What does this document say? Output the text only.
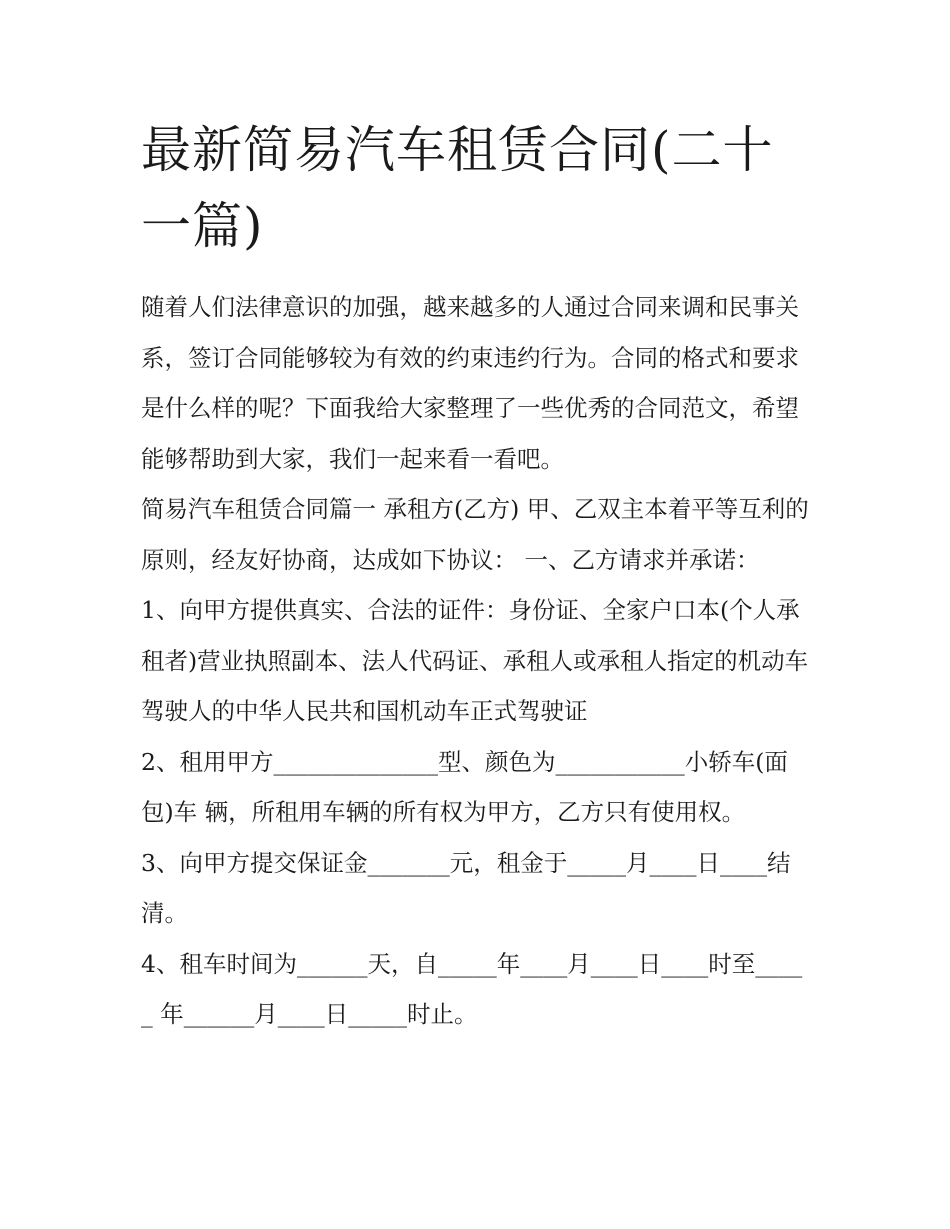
最新简易汽车租赁合同(二十一篇)

随着人们法律意识的加强，越来越多的人通过合同来调和民事关系，签订合同能够较为有效的约束违约行为。合同的格式和要求是什么样的呢？下面我给大家整理了一些优秀的合同范文，希望能够帮助到大家，我们一起来看一看吧。

简易汽车租赁合同篇一 承租方(乙方) 甲、乙双主本着平等互利的原则，经友好协商，达成如下协议： 一、乙方请求并承诺：

1、向甲方提供真实、合法的证件：身份证、全家户口本(个人承租者)营业执照副本、法人代码证、承租人或承租人指定的机动车驾驶人的中华人民共和国机动车正式驾驶证

2、租用甲方______________型、颜色为___________小轿车(面包)车 辆，所租用车辆的所有权为甲方，乙方只有使用权。

3、向甲方提交保证金_______元，租金于_____月____日____结清。

4、租车时间为______天，自_____年____月____日____时至_____ 年______月____日_____时止。
